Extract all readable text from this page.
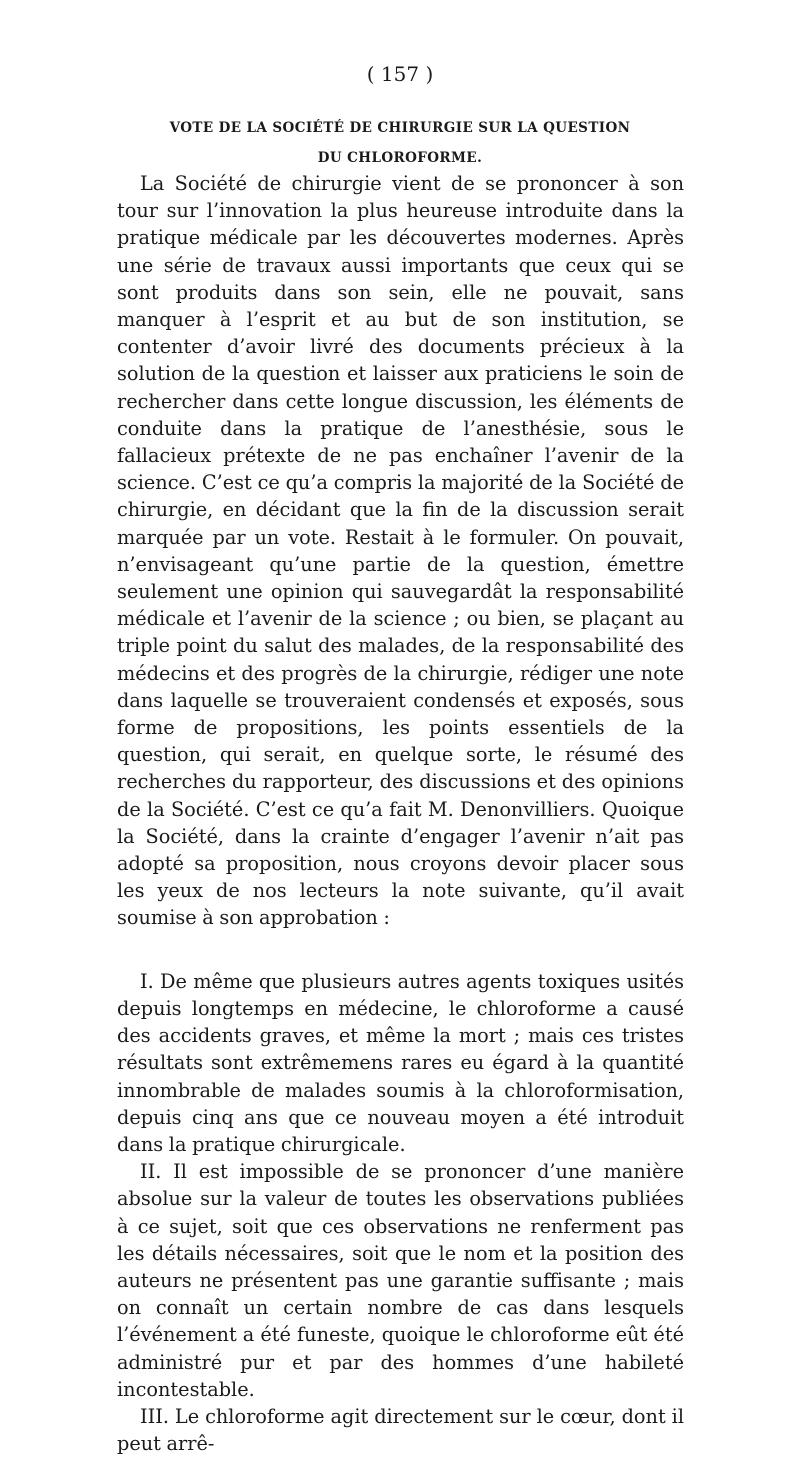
( 157 )
VOTE DE LA SOCIÉTÉ DE CHIRURGIE SUR LA QUESTION
DU CHLOROFORME.

La Société de chirurgie vient de se prononcer à son tour sur l’innovation la plus heureuse introduite dans la pratique médicale par les découvertes modernes. Après une série de travaux aussi importants que ceux qui se sont produits dans son sein, elle ne pouvait, sans manquer à l’esprit et au but de son institution, se contenter d’avoir livré des documents précieux à la solution de la question et laisser aux praticiens le soin de rechercher dans cette longue discussion, les éléments de conduite dans la pratique de l’anesthésie, sous le fallacieux prétexte de ne pas enchaîner l’avenir de la science. C’est ce qu’a compris la majorité de la Société de chirurgie, en décidant que la fin de la discussion serait marquée par un vote. Restait à le formuler. On pouvait, n’envisageant qu’une partie de la question, émettre seulement une opinion qui sauvegardât la responsabilité médicale et l’avenir de la science ; ou bien, se plaçant au triple point du salut des malades, de la responsabilité des médecins et des progrès de la chirurgie, rédiger une note dans laquelle se trouveraient condensés et exposés, sous forme de propositions, les points essentiels de la question, qui serait, en quelque sorte, le résumé des recherches du rapporteur, des discussions et des opinions de la Société. C’est ce qu’a fait M. Denonvilliers. Quoique la Société, dans la crainte d’engager l’avenir n’ait pas adopté sa proposition, nous croyons devoir placer sous les yeux de nos lecteurs la note suivante, qu’il avait soumise à son approbation :

I. De même que plusieurs autres agents toxiques usités depuis longtemps en médecine, le chloroforme a causé des accidents graves, et même la mort ; mais ces tristes résultats sont extrêmemens rares eu égard à la quantité innombrable de malades soumis à la chloroformisation, depuis cinq ans que ce nouveau moyen a été introduit dans la pratique chirurgicale.

II. Il est impossible de se prononcer d’une manière absolue sur la valeur de toutes les observations publiées à ce sujet, soit que ces observations ne renferment pas les détails nécessaires, soit que le nom et la position des auteurs ne présentent pas une garantie suffisante ; mais on connaît un certain nombre de cas dans lesquels l’événement a été funeste, quoique le chloroforme eût été administré pur et par des hommes d’une habileté incontestable.

III. Le chloroforme agit directement sur le cœur, dont il peut arrê-
